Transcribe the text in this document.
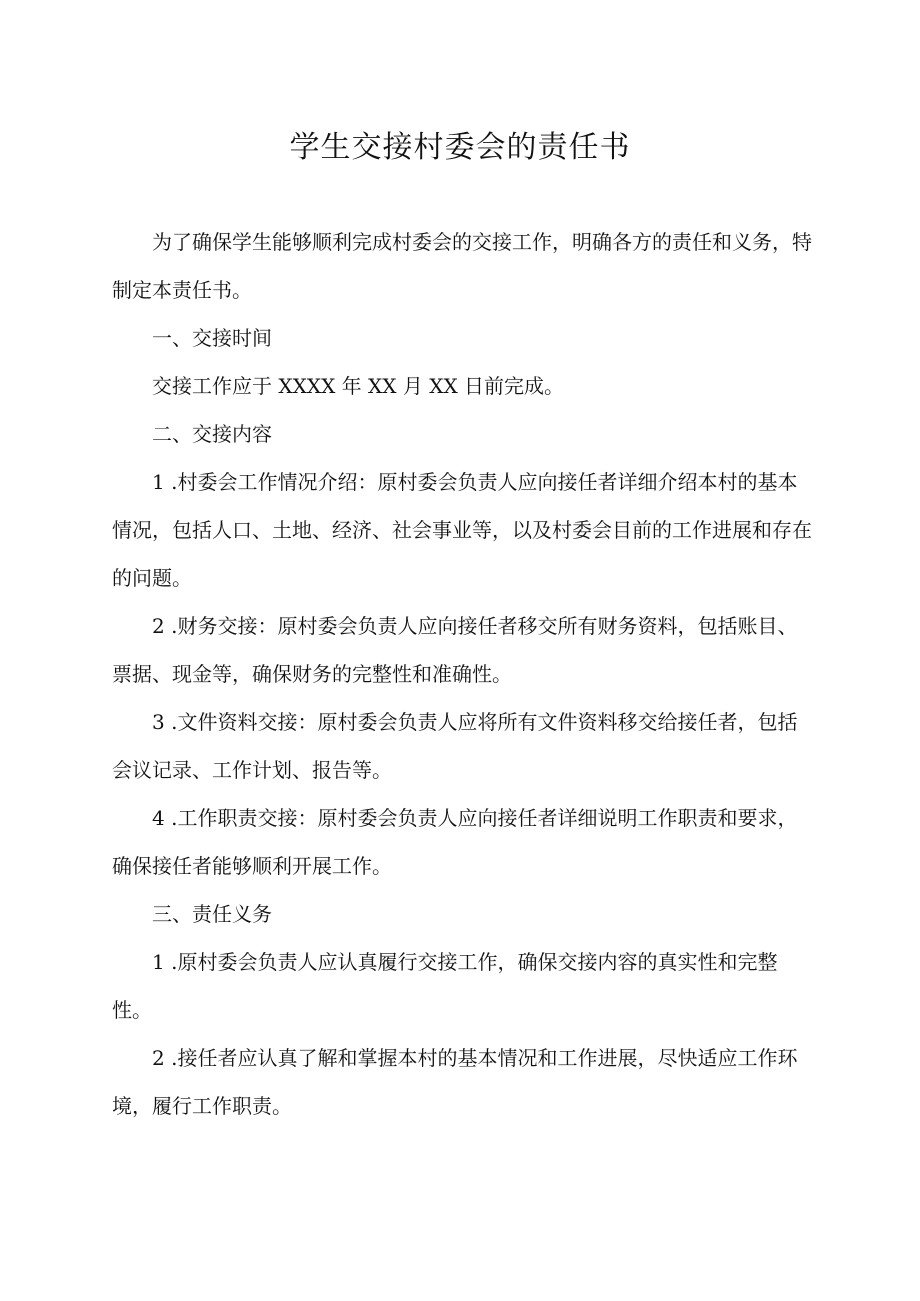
学生交接村委会的责任书

为了确保学生能够顺利完成村委会的交接工作，明确各方的责任和义务，特制定本责任书。

一、交接时间

交接工作应于 XXXX 年 XX 月 XX 日前完成。

二、交接内容

1 .村委会工作情况介绍：原村委会负责人应向接任者详细介绍本村的基本情况，包括人口、土地、经济、社会事业等，以及村委会目前的工作进展和存在的问题。

2 .财务交接：原村委会负责人应向接任者移交所有财务资料，包括账目、票据、现金等，确保财务的完整性和准确性。

3 .文件资料交接：原村委会负责人应将所有文件资料移交给接任者，包括会议记录、工作计划、报告等。

4 .工作职责交接：原村委会负责人应向接任者详细说明工作职责和要求，确保接任者能够顺利开展工作。

三、责任义务

1 .原村委会负责人应认真履行交接工作，确保交接内容的真实性和完整性。

2 .接任者应认真了解和掌握本村的基本情况和工作进展，尽快适应工作环境，履行工作职责。
